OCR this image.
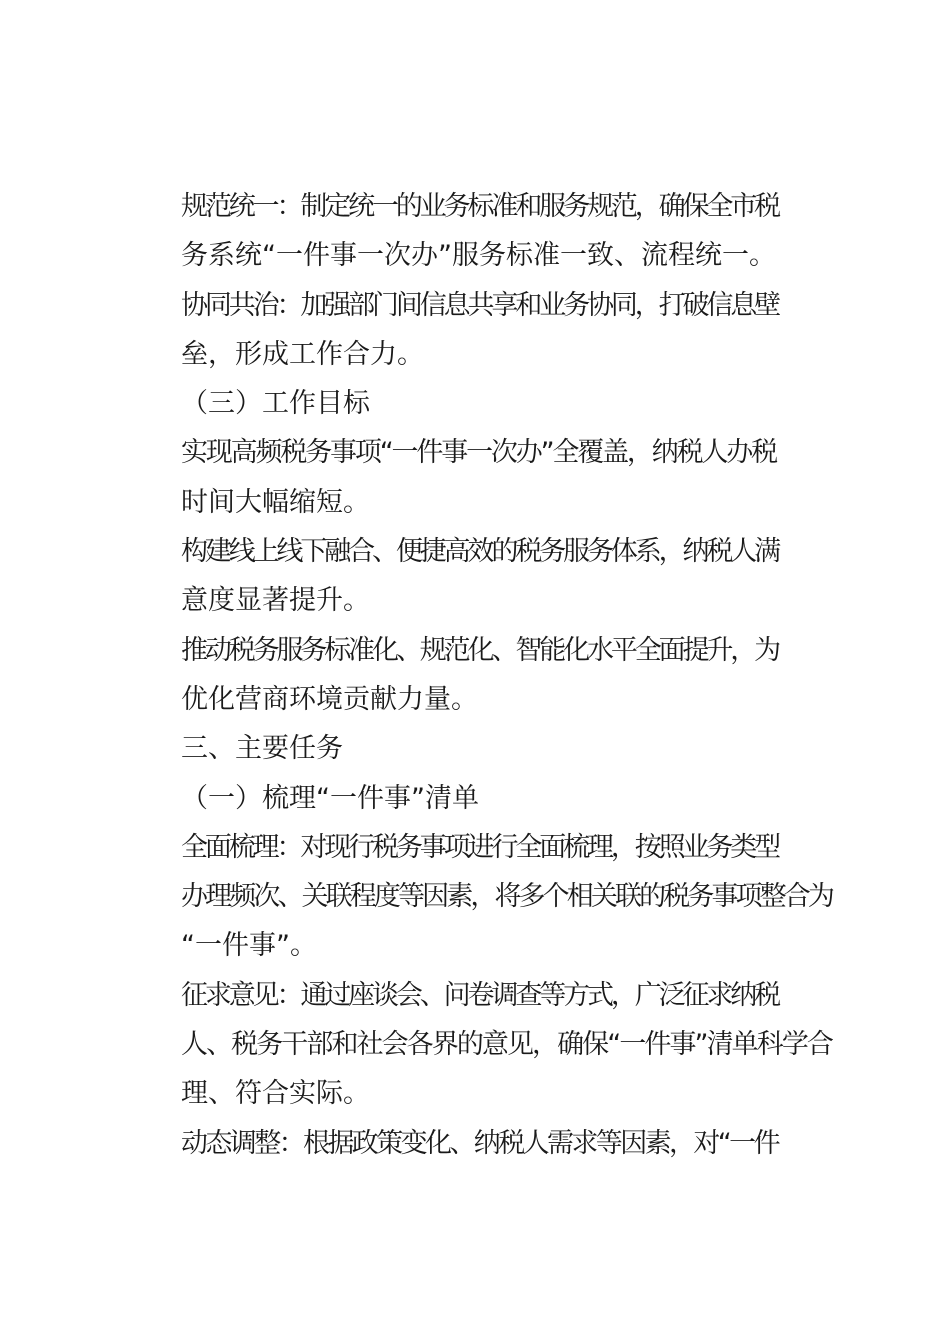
规范统一：制定统一的业务标准和服务规范，确保全市税
务系统“一件事一次办”服务标准一致、流程统一。

协同共治：加强部门间信息共享和业务协同，打破信息壁
垒，形成工作合力。

（三）工作目标

实现高频税务事项“一件事一次办”全覆盖，纳税人办税
时间大幅缩短。

构建线上线下融合、便捷高效的税务服务体系，纳税人满
意度显著提升。

推动税务服务标准化、规范化、智能化水平全面提升，为
优化营商环境贡献力量。

三、主要任务

（一）梳理“一件事”清单

全面梳理：对现行税务事项进行全面梳理，按照业务类型
办理频次、关联程度等因素，将多个相关联的税务事项整合为
“一件事”。

征求意见：通过座谈会、问卷调查等方式，广泛征求纳税
人、税务干部和社会各界的意见，确保“一件事”清单科学合
理、符合实际。

动态调整：根据政策变化、纳税人需求等因素，对“一件
